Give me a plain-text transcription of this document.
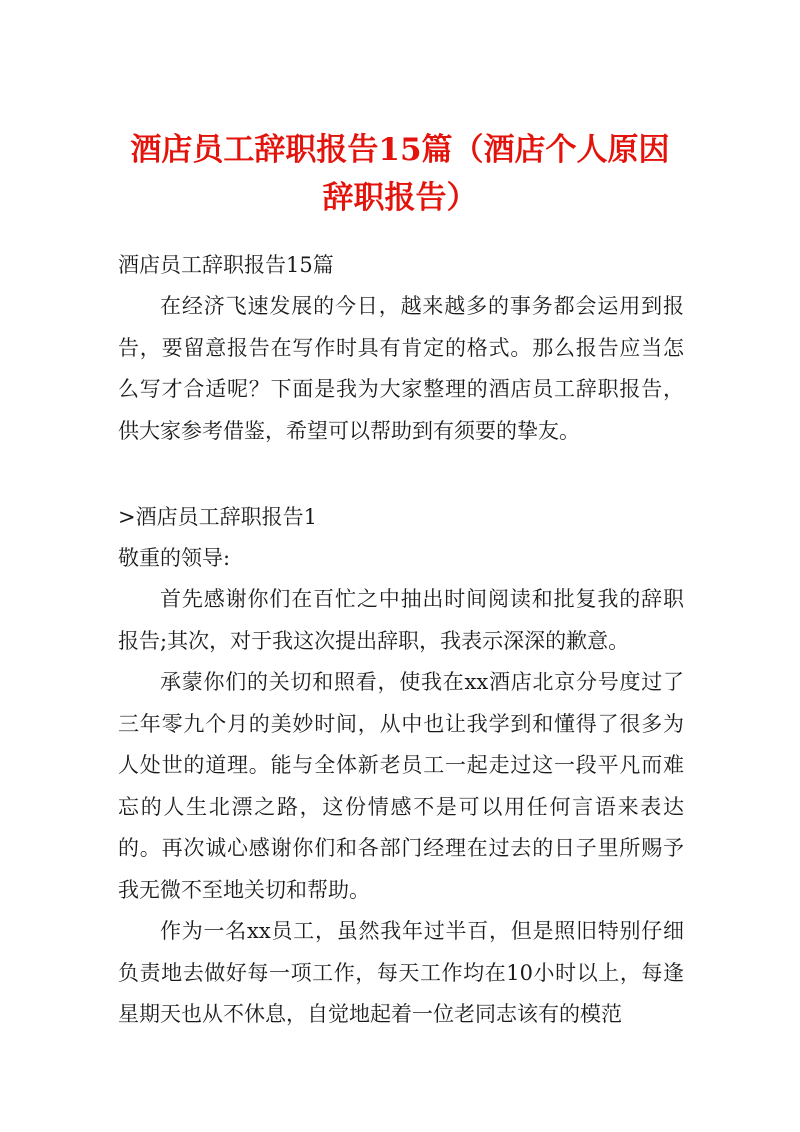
酒店员工辞职报告15篇（酒店个人原因辞职报告）

酒店员工辞职报告15篇

在经济飞速发展的今日，越来越多的事务都会运用到报告，要留意报告在写作时具有肯定的格式。那么报告应当怎么写才合适呢？下面是我为大家整理的酒店员工辞职报告，供大家参考借鉴，希望可以帮助到有须要的挚友。

>酒店员工辞职报告1

敬重的领导:

首先感谢你们在百忙之中抽出时间阅读和批复我的辞职报告;其次，对于我这次提出辞职，我表示深深的歉意。

承蒙你们的关切和照看，使我在xx酒店北京分号度过了三年零九个月的美妙时间，从中也让我学到和懂得了很多为人处世的道理。能与全体新老员工一起走过这一段平凡而难忘的人生北漂之路，这份情感不是可以用任何言语来表达的。再次诚心感谢你们和各部门经理在过去的日子里所赐予我无微不至地关切和帮助。

作为一名xx员工，虽然我年过半百，但是照旧特别仔细负责地去做好每一项工作，每天工作均在10小时以上，每逢星期天也从不休息，自觉地起着一位老同志该有的模范
